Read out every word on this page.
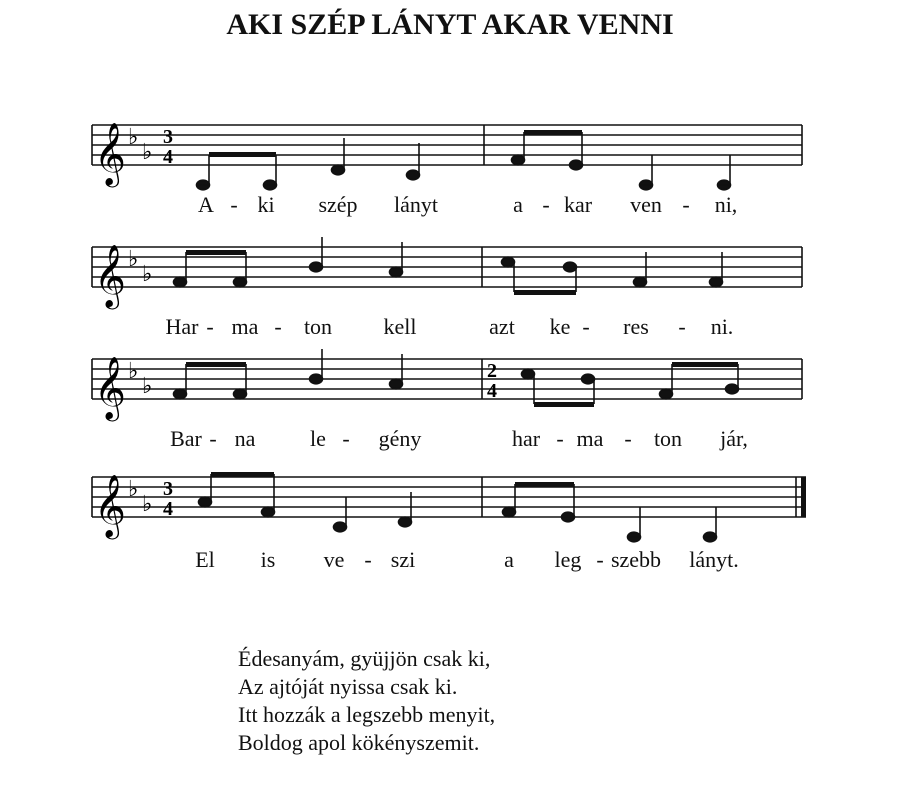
AKI SZÉP LÁNYT AKAR VENNI
𝄞 ♭
♭
3
4
A - ki szép lányt	a - kar ven - ni,
𝄞 ♭
♭
Har - ma - ton kell	azt ke - res - ni.
𝄞 ♭
♭
2
4
Bar - na le - gény	har - ma - ton jár,
𝄞 ♭
♭
3
4
El is ve - szi	a leg - szebb lányt.
Édesanyám, gyüjjön csak ki,
Az ajtóját nyissa csak ki.
Itt hozzák a legszebb menyit,
Boldog apol kökényszemit.
